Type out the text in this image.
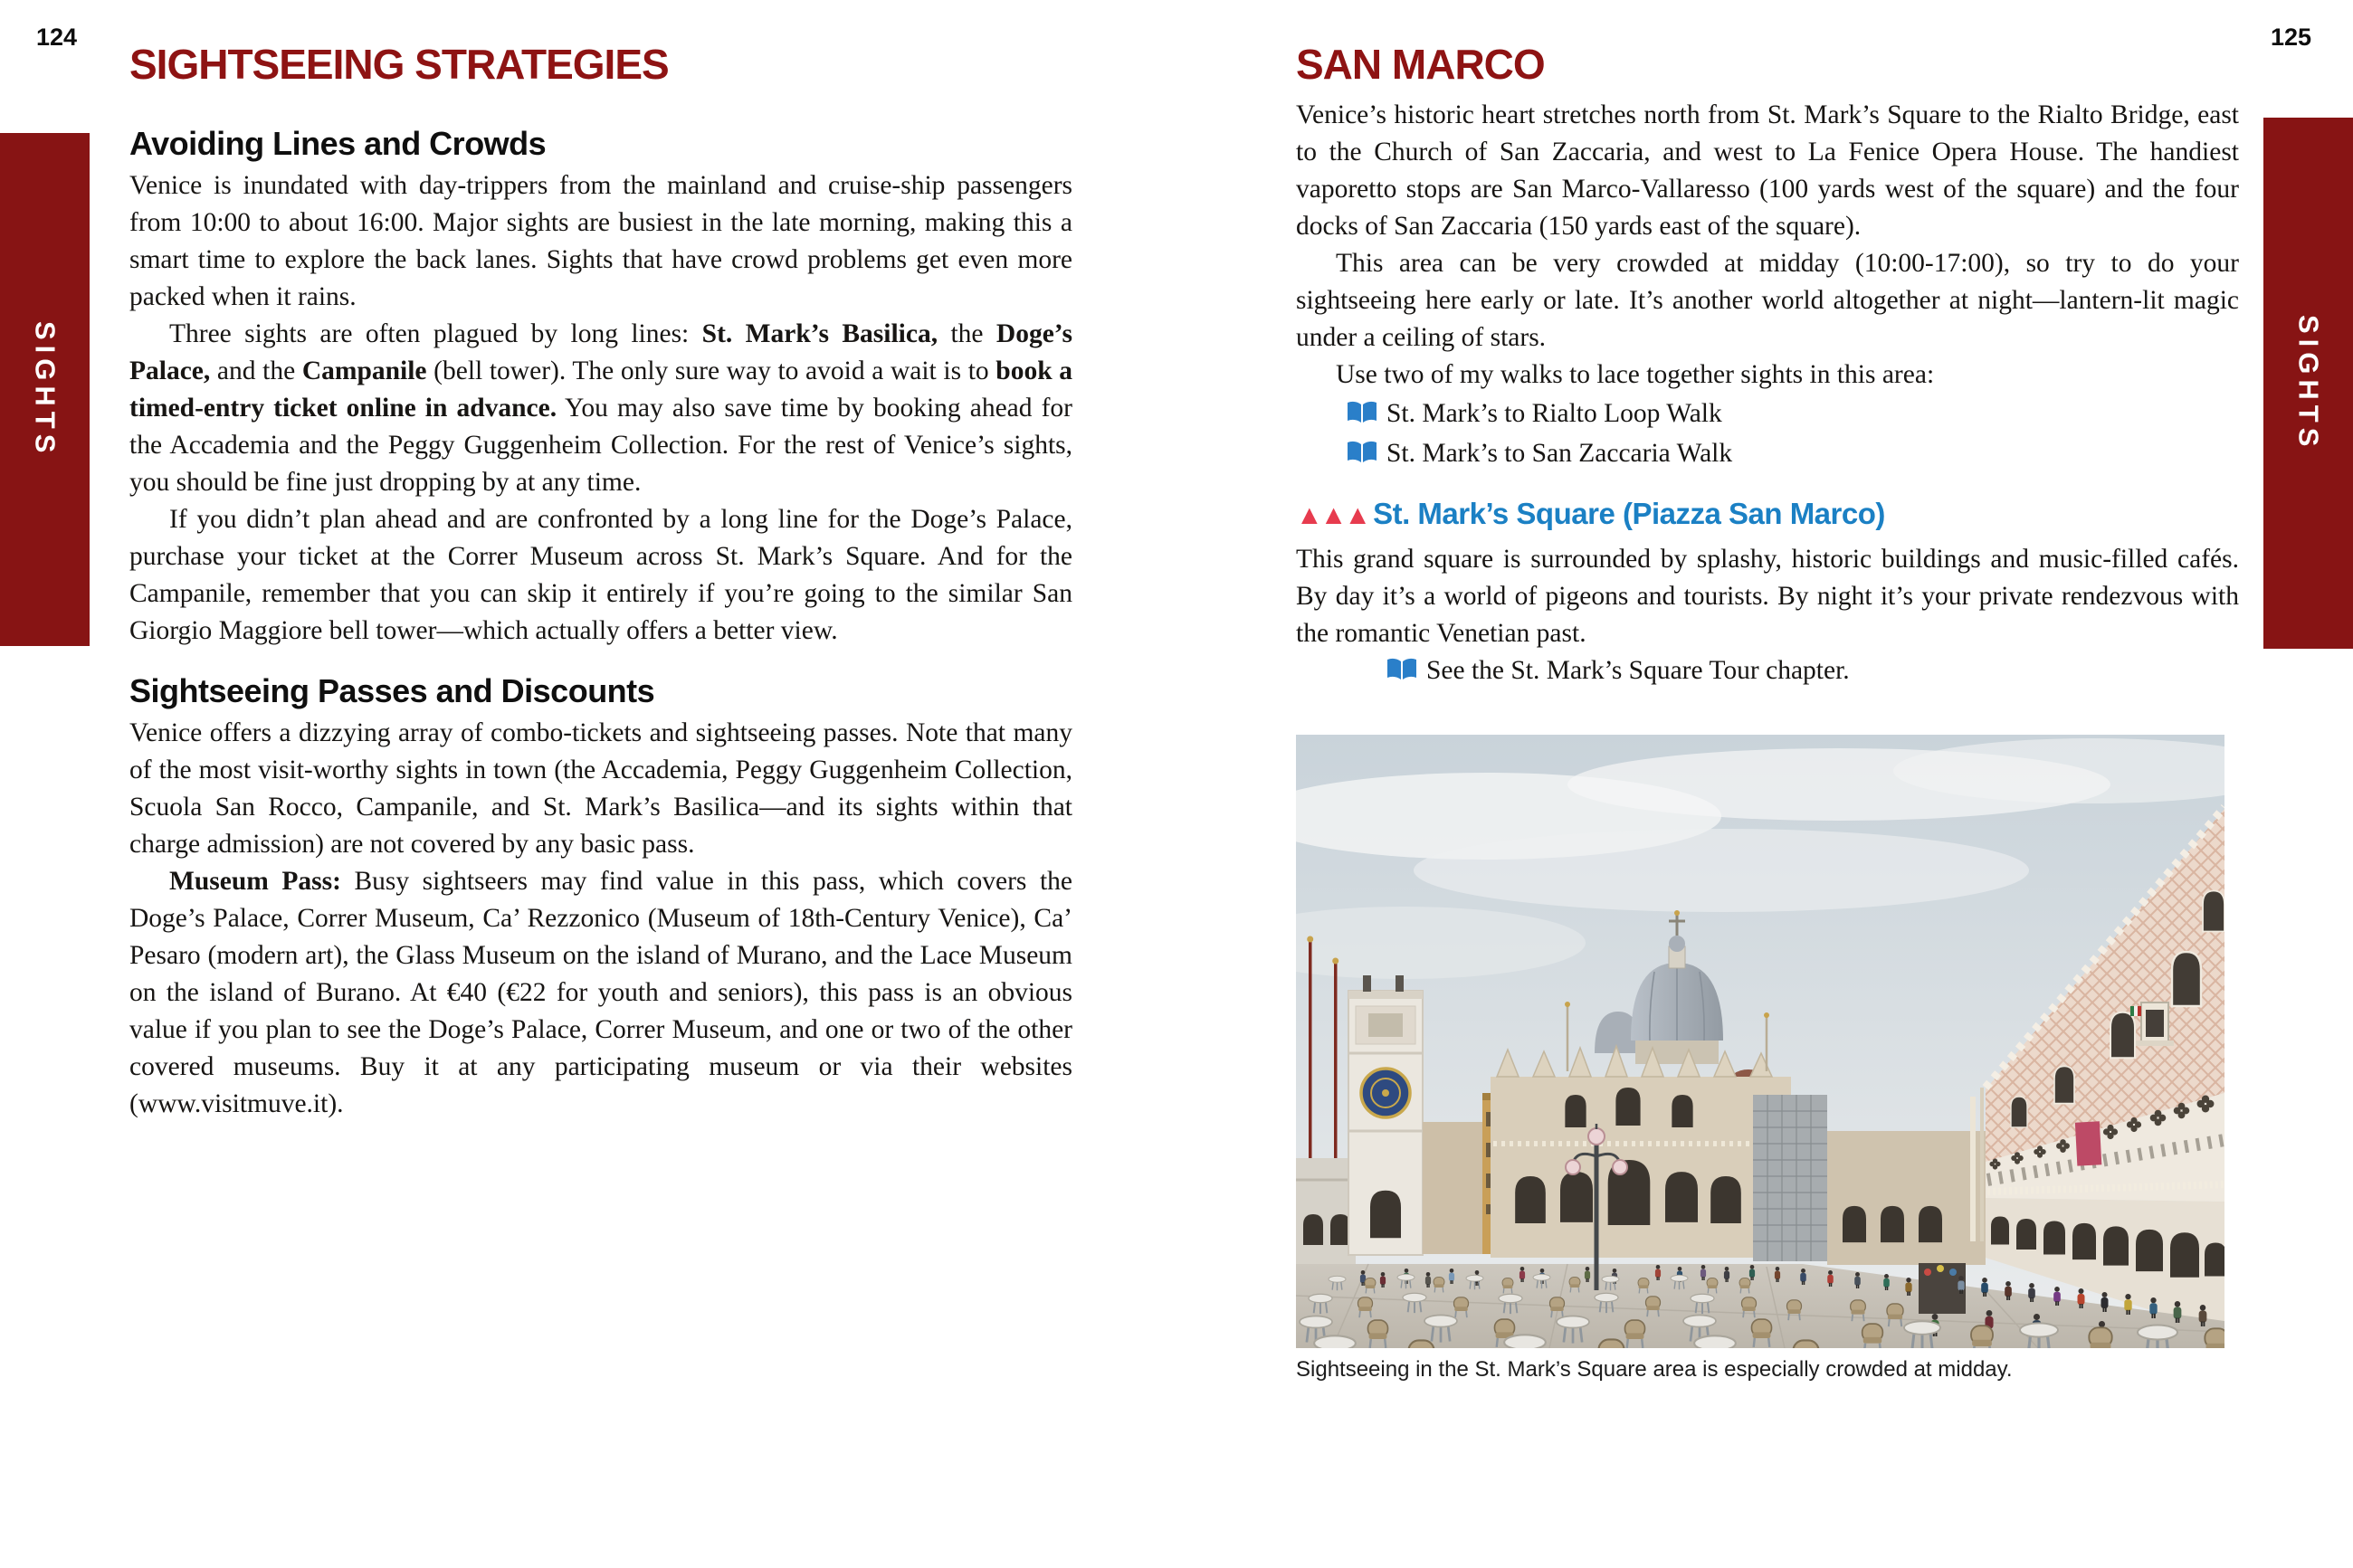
124	125
SIGHTS	SIGHTS
SIGHTSEEING STRATEGIES
Avoiding Lines and Crowds

Venice is inundated with day-trippers from the mainland and cruise-ship passengers from 10:00 to about 16:00. Major sights are busiest in the late morning, making this a smart time to explore the back lanes. Sights that have crowd problems get even more packed when it rains.

Three sights are often plagued by long lines: St. Mark’s Basilica, the Doge’s Palace, and the Campanile (bell tower). The only sure way to avoid a wait is to book a timed-entry ticket online in advance. You may also save time by booking ahead for the Accademia and the Peggy Guggenheim Collection. For the rest of Venice’s sights, you should be fine just dropping by at any time.

If you didn’t plan ahead and are confronted by a long line for the Doge’s Palace, purchase your ticket at the Correr Museum across St. Mark’s Square. And for the Campanile, remember that you can skip it entirely if you’re going to the similar San Giorgio Maggiore bell tower—which actually offers a better view.

Sightseeing Passes and Discounts

Venice offers a dizzying array of combo-tickets and sightseeing passes. Note that many of the most visit-worthy sights in town (the Accademia, Peggy Guggenheim Collection, Scuola San Rocco, Campanile, and St. Mark’s Basilica—and its sights within that charge admission) are not covered by any basic pass.

Museum Pass: Busy sightseers may find value in this pass, which covers the Doge’s Palace, Correr Museum, Ca’ Rezzonico (Museum of 18th-Century Venice), Ca’ Pesaro (modern art), the Glass Museum on the island of Murano, and the Lace Museum on the island of Burano. At €40 (€22 for youth and seniors), this pass is an obvious value if you plan to see the Doge’s Palace, Correr Museum, and one or two of the other covered museums. Buy it at any participating museum or via their websites (www.visitmuve.it).

SAN MARCO

Venice’s historic heart stretches north from St. Mark’s Square to the Rialto Bridge, east to the Church of San Zaccaria, and west to La Fenice Opera House. The handiest vaporetto stops are San Marco-Vallaresso (100 yards west of the square) and the four docks of San Zaccaria (150 yards east of the square).

This area can be very crowded at midday (10:00-17:00), so try to do your sightseeing here early or late. It’s another world altogether at night—lantern-lit magic under a ceiling of stars.

Use two of my walks to lace together sights in this area:

St. Mark’s to Rialto Loop Walk

St. Mark’s to San Zaccaria Walk

▲▲▲ St. Mark’s Square (Piazza San Marco)

This grand square is surrounded by splashy, historic buildings and music-filled cafés. By day it’s a world of pigeons and tourists. By night it’s your private rendezvous with the romantic Venetian past.

See the St. Mark’s Square Tour chapter.

Sightseeing in the St. Mark’s Square area is especially crowded at midday.
